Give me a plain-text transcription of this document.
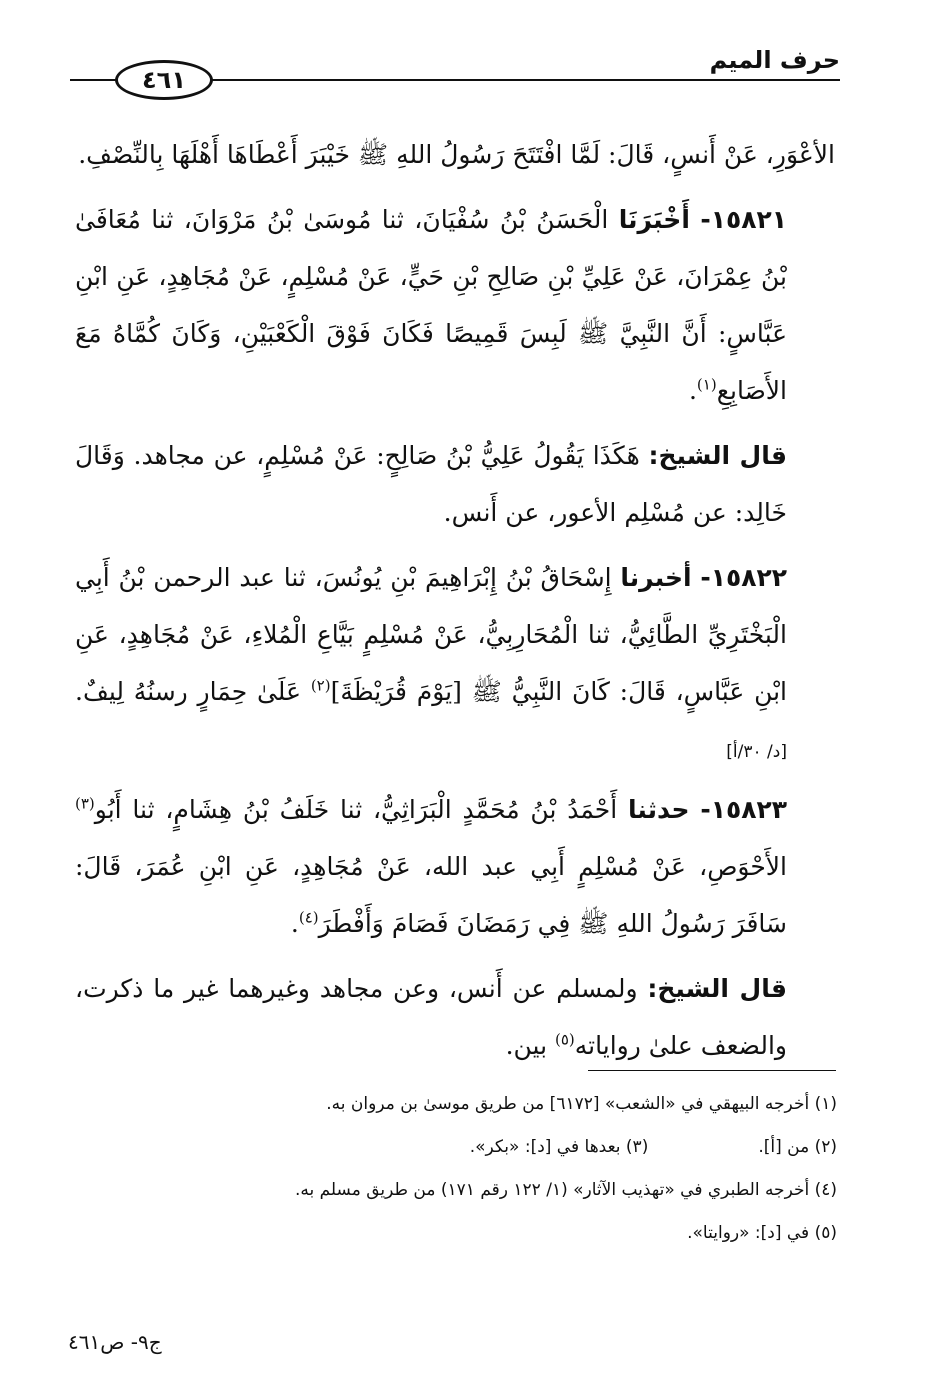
حرف الميم
٤٦١

الأعْوَرِ، عَنْ أَنسٍ، قَالَ: لَمَّا افْتَتَحَ رَسُولُ اللهِ ﷺ خَيْبَرَ أَعْطَاهَا أَهْلَهَا بِالنِّصْفِ.

١٥٨٢١- أَخْبَرَنَا الْحَسَنُ بْنُ سُفْيَانَ، ثنا مُوسَىٰ بْنُ مَرْوَانَ، ثنا مُعَافَىٰ بْنُ عِمْرَانَ، عَنْ عَلِيِّ بْنِ صَالِحِ بْنِ حَيٍّ، عَنْ مُسْلِمٍ، عَنْ مُجَاهِدٍ، عَنِ ابْنِ عَبَّاسٍ: أَنَّ النَّبِيَّ ﷺ لَبِسَ قَمِيصًا فَكَانَ فَوْقَ الْكَعْبَيْنِ، وَكَانَ كُمَّاهُ مَعَ الأَصَابِعِ$^{(١)}$.

قال الشيخ: هَكَذَا يَقُولُ عَلِيُّ بْنُ صَالِحٍ: عَنْ مُسْلِمٍ، عن مجاهد. وَقَالَ خَالِد: عن مُسْلِم الأعور، عن أَنس.

١٥٨٢٢- أخبرنا إِسْحَاقُ بْنُ إِبْرَاهِيمَ بْنِ يُونُسَ، ثنا عبد الرحمن بْنُ أَبِي الْبَخْتَرِيِّ الطَّائِيُّ، ثنا الْمُحَارِبِيُّ، عَنْ مُسْلِمٍ بَيَّاعِ الْمُلاءِ، عَنْ مُجَاهِدٍ، عَنِ ابْنِ عَبَّاسٍ، قَالَ: كَانَ النَّبِيُّ ﷺ [يَوْمَ قُرَيْظَةَ]$^{(٢)}$ عَلَىٰ حِمَارٍ رسنُهُ لِيفٌ. [د/ ٣٠/أ]

١٥٨٢٣- حدثنا أَحْمَدُ بْنُ مُحَمَّدٍ الْبَرَاثِيُّ، ثنا خَلَفُ بْنُ هِشَامٍ، ثنا أَبُو$^{(٣)}$ الأَحْوَصِ، عَنْ مُسْلِمٍ أَبِي عبد الله، عَنْ مُجَاهِدٍ، عَنِ ابْنِ عُمَرَ، قَالَ: سَافَرَ رَسُولُ اللهِ ﷺ فِي رَمَضَانَ فَصَامَ وَأَفْطَرَ$^{(٤)}$.

قال الشيخ: ولمسلم عن أَنس، وعن مجاهد وغيرهما غير ما ذكرت، والضعف علىٰ رواياته$^{(٥)}$ بين.

(١) أخرجه البيهقي في «الشعب» [٦١٧٢] من طريق موسىٰ بن مروان به.
(٢) من [أ].(٣) بعدها في [د]: «بكر».
(٤) أخرجه الطبري في «تهذيب الآثار» (١/ ١٢٢ رقم ١٧١) من طريق مسلم به.
(٥) في [د]: «روايتا».
ج٩- ص٤٦١
